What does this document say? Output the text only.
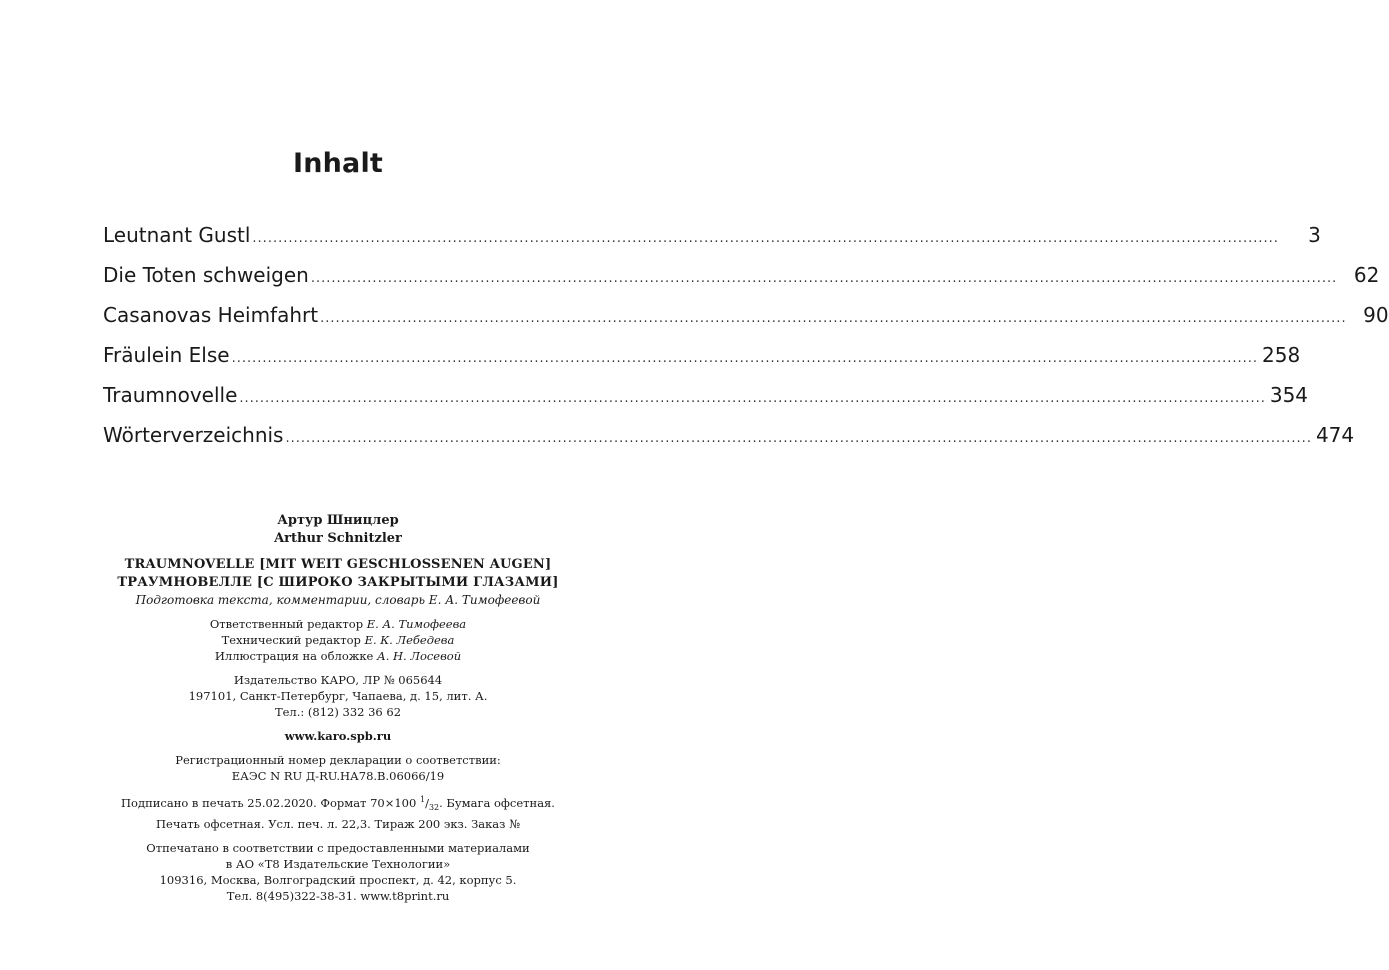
Inhalt
Leutnant Gustl ........................................................................................................................................................................................................	3
Die Toten schweigen ........................................................................................................................................................................................................ 62
Casanovas Heimfahrt ........................................................................................................................................................................................................ 90
Fräulein Else ........................................................................................................................................................................................................ 258
Traumnovelle ........................................................................................................................................................................................................ 354
Wörterverzeichnis ........................................................................................................................................................................................................ 474
Артур Шницлер
Arthur Schnitzler
TRAUMNOVELLE [MIT WEIT GESCHLOSSENEN AUGEN]
ТРАУМНОВЕЛЛЕ [С ШИРОКО ЗАКРЫТЫМИ ГЛАЗАМИ]
Подготовка текста, комментарии, словарь Е. А. Тимофеевой
Ответственный редактор Е. А. Тимофеева
Технический редактор Е. К. Лебедева
Иллюстрация на обложке А. Н. Лосевой
Издательство КАРО, ЛР № 065644
197101, Санкт-Петербург, Чапаева, д. 15, лит. А.
Тел.: (812) 332 36 62
www.karo.spb.ru
Регистрационный номер декларации о соответствии:
ЕАЭС N RU Д-RU.НА78.В.06066/19
Подписано в печать 25.02.2020. Формат 70×100 $^1/_{32}$. Бумага офсетная.
Печать офсетная. Усл. печ. л. 22,3. Тираж 200 экз. Заказ №
Отпечатано в соответствии с предоставленными материалами
в АО «Т8 Издательские Технологии»
109316, Москва, Волгоградский проспект, д. 42, корпус 5.
Тел. 8(495)322-38-31. www.t8print.ru
